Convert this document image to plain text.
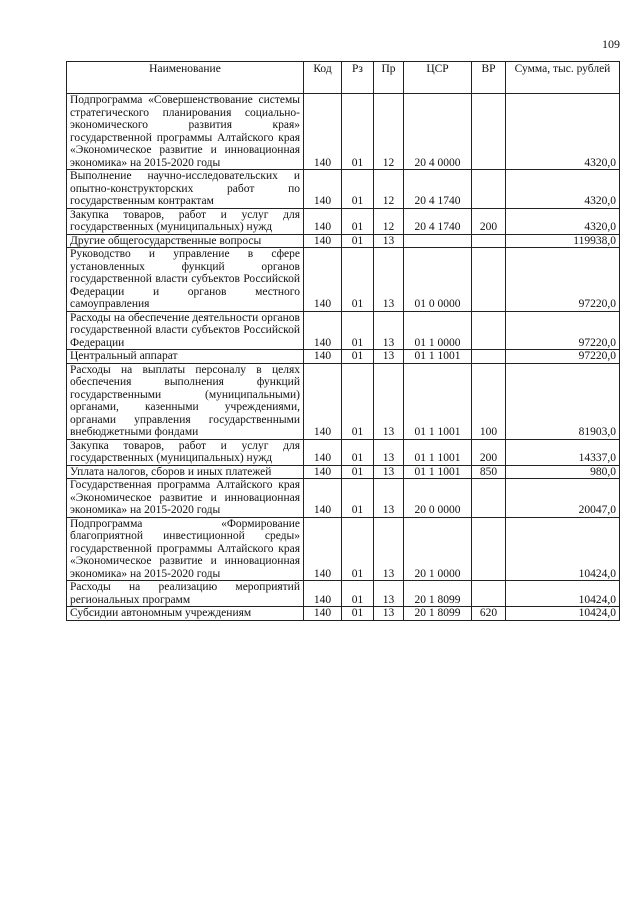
109
Наименование	Код	Рз	Пр	ЦСР	ВР	Сумма, тыс. рублей
Подпрограмма «Совершенствование системы стратегического планирования социально-экономического развития края» государственной программы Алтайского края «Экономическое развитие и инновационная экономика» на 2015-2020 годы	140	01	12	20 4 0000		4320,0
Выполнение научно-исследовательских и опытно-конструкторских работ по государственным контрактам	140	01	12	20 4 1740		4320,0
Закупка товаров, работ и услуг для государственных (муниципальных) нужд	140	01	12	20 4 1740	200	4320,0
Другие общегосударственные вопросы	140	01	13			119938,0
Руководство и управление в сфере установленных функций органов государственной власти субъектов Российской Федерации и органов местного самоуправления	140	01	13	01 0 0000		97220,0
Расходы на обеспечение деятельности органов государственной власти субъектов Российской Федерации	140	01	13	01 1 0000		97220,0
Центральный аппарат	140	01	13	01 1 1001		97220,0
Расходы на выплаты персоналу в целях обеспечения выполнения функций государственными (муниципальными) органами, казенными учреждениями, органами управления государственными внебюджетными фондами	140	01	13	01 1 1001	100	81903,0
Закупка товаров, работ и услуг для государственных (муниципальных) нужд	140	01	13	01 1 1001	200	14337,0
Уплата налогов, сборов и иных платежей	140	01	13	01 1 1001	850	980,0
Государственная программа Алтайского края «Экономическое развитие и инновационная экономика» на 2015-2020 годы	140	01	13	20 0 0000		20047,0
Подпрограмма «Формирование благоприятной инвестиционной среды» государственной программы Алтайского края «Экономическое развитие и инновационная экономика» на 2015-2020 годы	140	01	13	20 1 0000		10424,0
Расходы на реализацию мероприятий региональных программ	140	01	13	20 1 8099		10424,0
Субсидии автономным учреждениям	140	01	13	20 1 8099	620	10424,0
